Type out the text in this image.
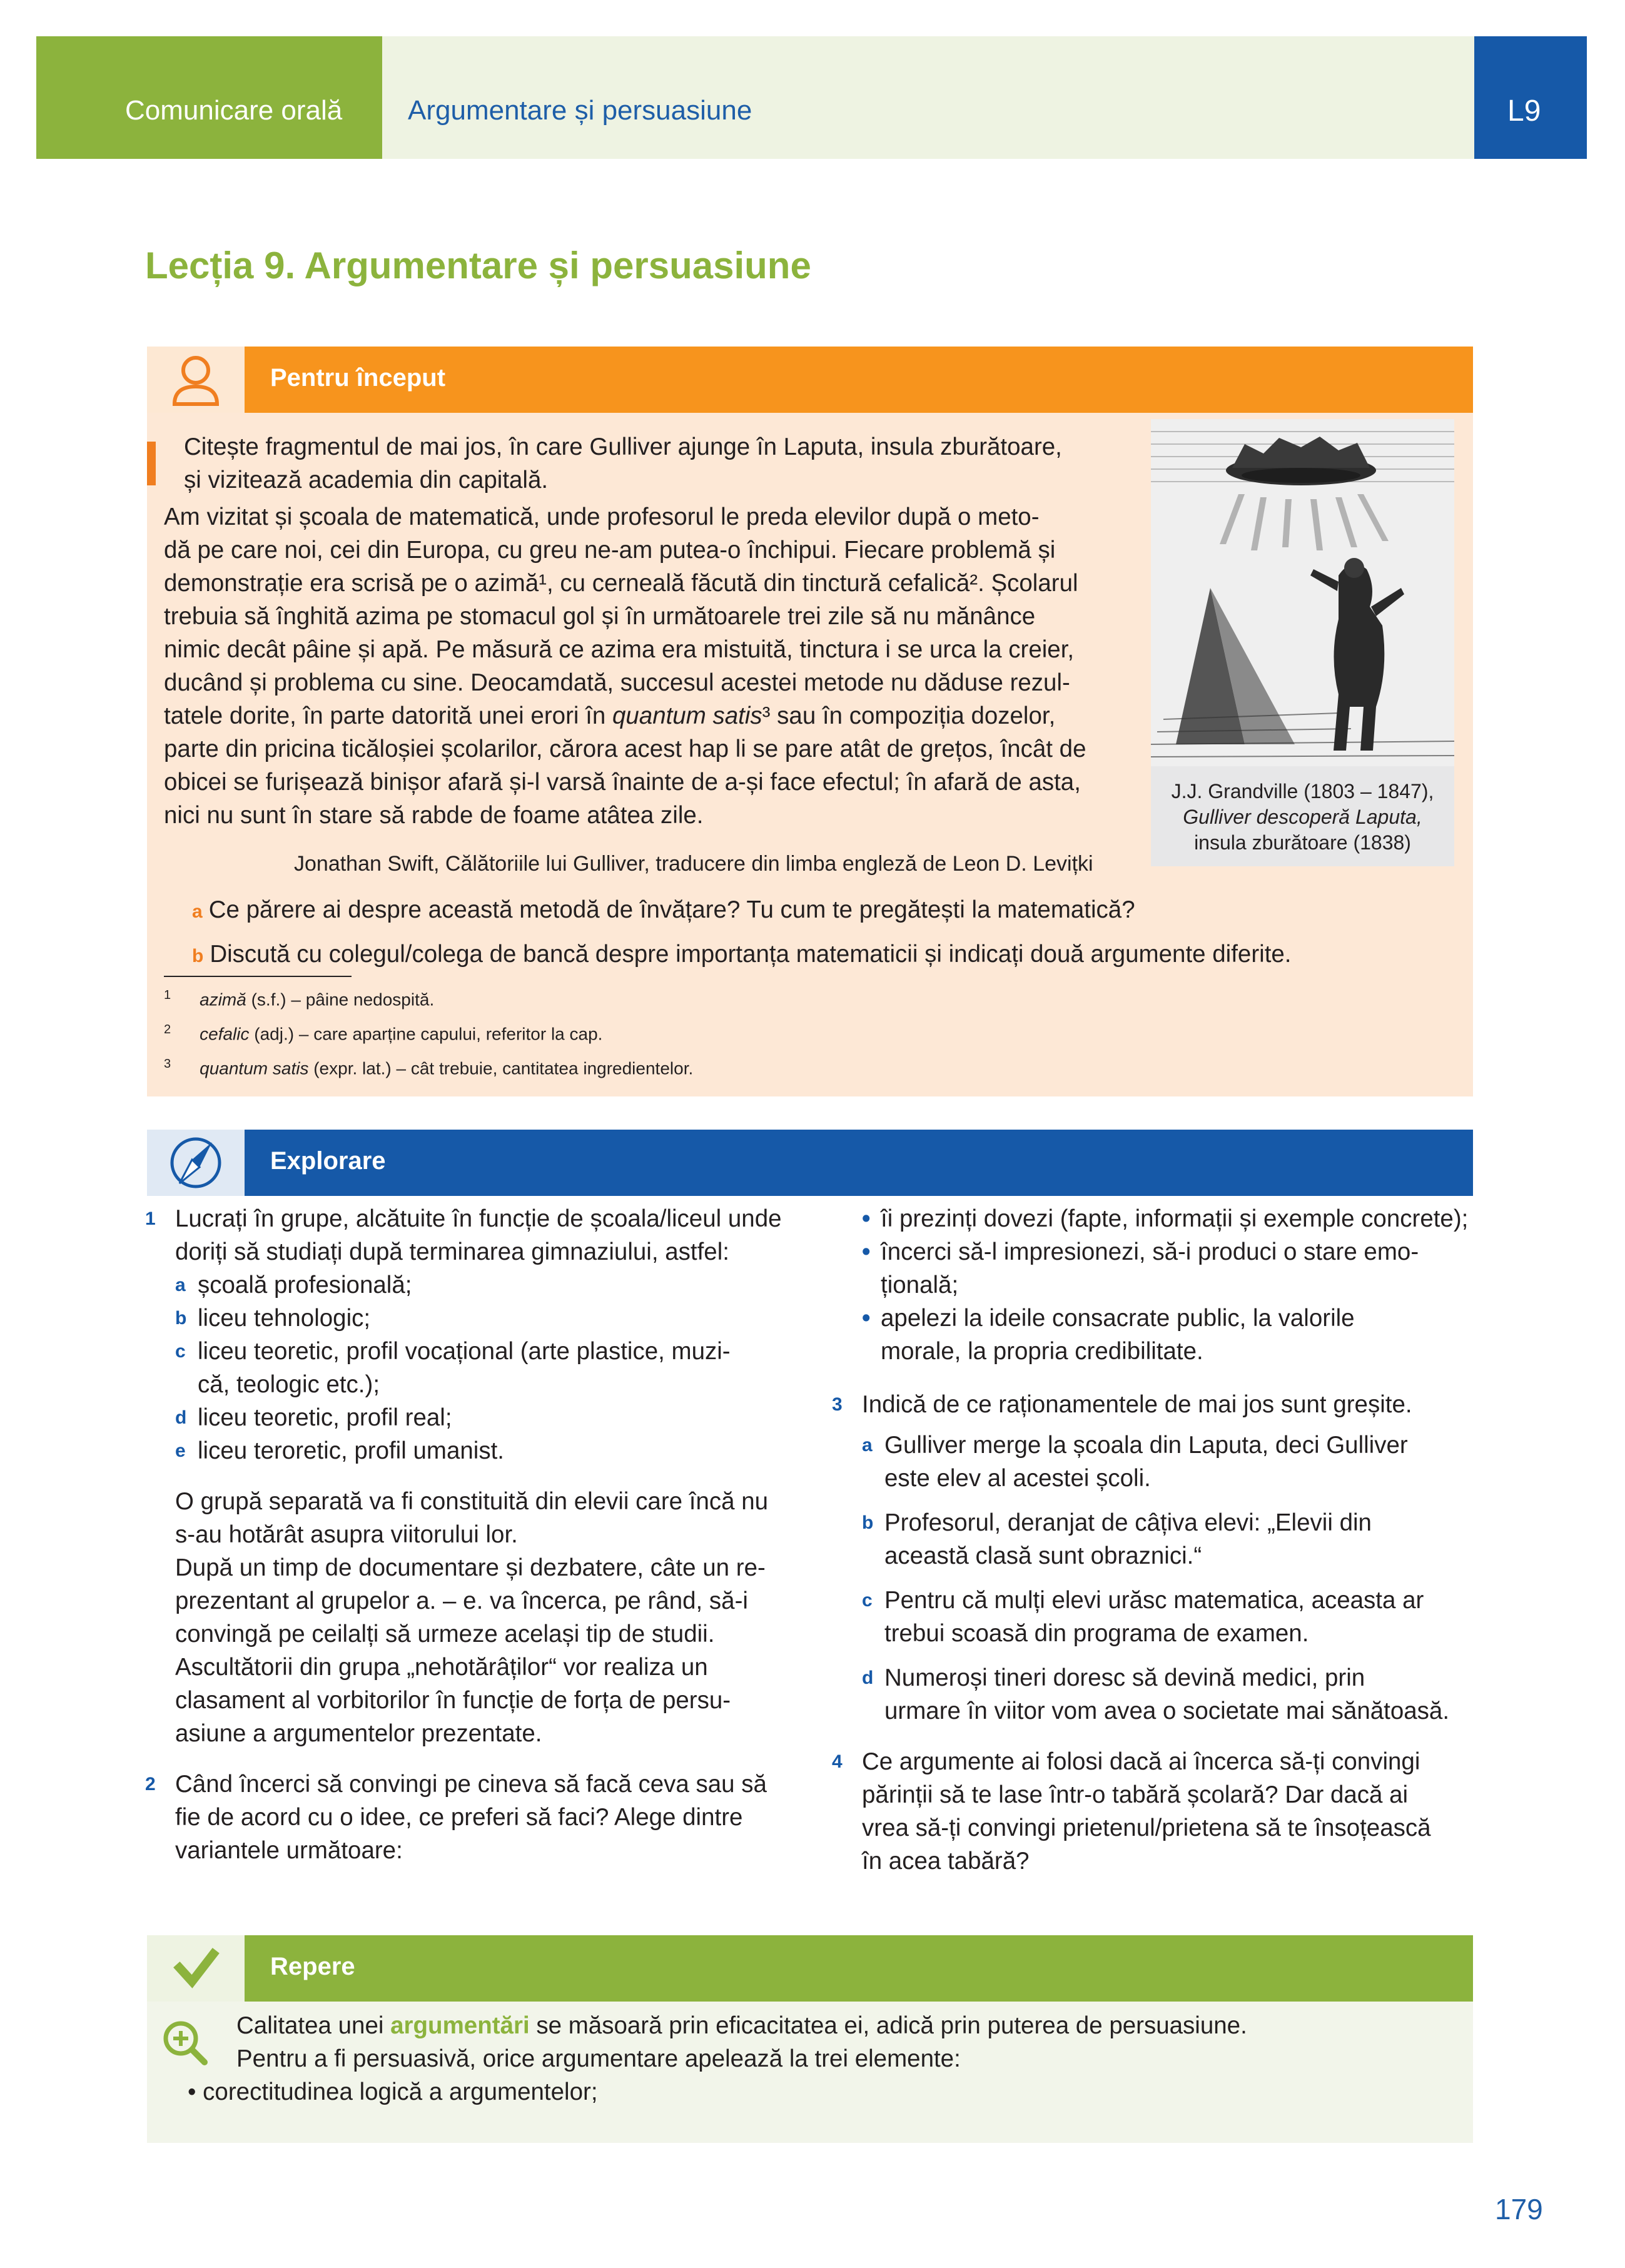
Comunicare orală Argumentare și persuasiune	L9
Lecția 9. Argumentare și persuasiune
Pentru început
Citește fragmentul de mai jos, în care Gulliver ajunge în Laputa, insula zburătoare,
și vizitează academia din capitală.
Am vizitat și școala de matematică, unde profesorul le preda elevilor după o meto-
dă pe care noi, cei din Europa, cu greu ne-am putea-o închipui. Fiecare problemă și
demonstrație era scrisă pe o azimă¹, cu cerneală făcută din tinctură cefalică². Școlarul
trebuia să înghită azima pe stomacul gol și în următoarele trei zile să nu mănânce
nimic decât pâine și apă. Pe măsură ce azima era mistuită, tinctura i se urca la creier,
ducând și problema cu sine. Deocamdată, succesul acestei metode nu dăduse rezul-
tatele dorite, în parte datorită unei erori în quantum satis³ sau în compoziția dozelor,
parte din pricina ticăloșiei școlarilor, cărora acest hap li se pare atât de grețos, încât de
obicei se furișează binișor afară și-l varsă înainte de a-și face efectul; în afară de asta,
nici nu sunt în stare să rabde de foame atâtea zile.
Jonathan Swift, Călătoriile lui Gulliver, traducere din limba engleză de Leon D. Levițki
J.J. Grandville (1803 – 1847),
Gulliver descoperă Laputa,
insula zburătoare (1838)
a Ce părere ai despre această metodă de învățare? Tu cum te pregătești la matematică?
b Discută cu colegul/colega de bancă despre importanța matematicii și indicați două argumente diferite.
$^1$ azimă (s.f.) – pâine nedospită.
$^2$ cefalic (adj.) – care aparține capului, referitor la cap.
$^3$ quantum satis (expr. lat.) – cât trebuie, cantitatea ingredientelor.
Explorare
1 Lucrați în grupe, alcătuite în funcție de școala/liceul unde
doriți să studiați după terminarea gimnaziului, astfel:
a școală profesională;
b liceu tehnologic;
c liceu teoretic, profil vocațional (arte plastice, muzi-
că, teologic etc.);
d liceu teoretic, profil real;
e liceu teroretic, profil umanist.
O grupă separată va fi constituită din elevii care încă nu
s-au hotărât asupra viitorului lor.
După un timp de documentare și dezbatere, câte un re-
prezentant al grupelor a. – e. va încerca, pe rând, să-i
convingă pe ceilalți să urmeze același tip de studii.
Ascultătorii din grupa „nehotărâților“ vor realiza un
clasament al vorbitorilor în funcție de forța de persu-
asiune a argumentelor prezentate.
2 Când încerci să convingi pe cineva să facă ceva sau să
fie de acord cu o idee, ce preferi să faci? Alege dintre
variantele următoare:
• îi prezinți dovezi (fapte, informații și exemple concrete);
• încerci să-l impresionezi, să-i produci o stare emo-
țională;
• apelezi la ideile consacrate public, la valorile
morale, la propria credibilitate.
3 Indică de ce raționamentele de mai jos sunt greșite.
a Gulliver merge la școala din Laputa, deci Gulliver
este elev al acestei școli.
b Profesorul, deranjat de câțiva elevi: „Elevii din
această clasă sunt obraznici.“
c Pentru că mulți elevi urăsc matematica, aceasta ar
trebui scoasă din programa de examen.
d Numeroși tineri doresc să devină medici, prin
urmare în viitor vom avea o societate mai sănătoasă.
4 Ce argumente ai folosi dacă ai încerca să-ți convingi
părinții să te lase într-o tabără școlară? Dar dacă ai
vrea să-ți convingi prietenul/prietena să te însoțească
în acea tabără?
Repere
Calitatea unei argumentări se măsoară prin eficacitatea ei, adică prin puterea de persuasiune.
Pentru a fi persuasivă, orice argumentare apelează la trei elemente:
• corectitudinea logică a argumentelor;
179
